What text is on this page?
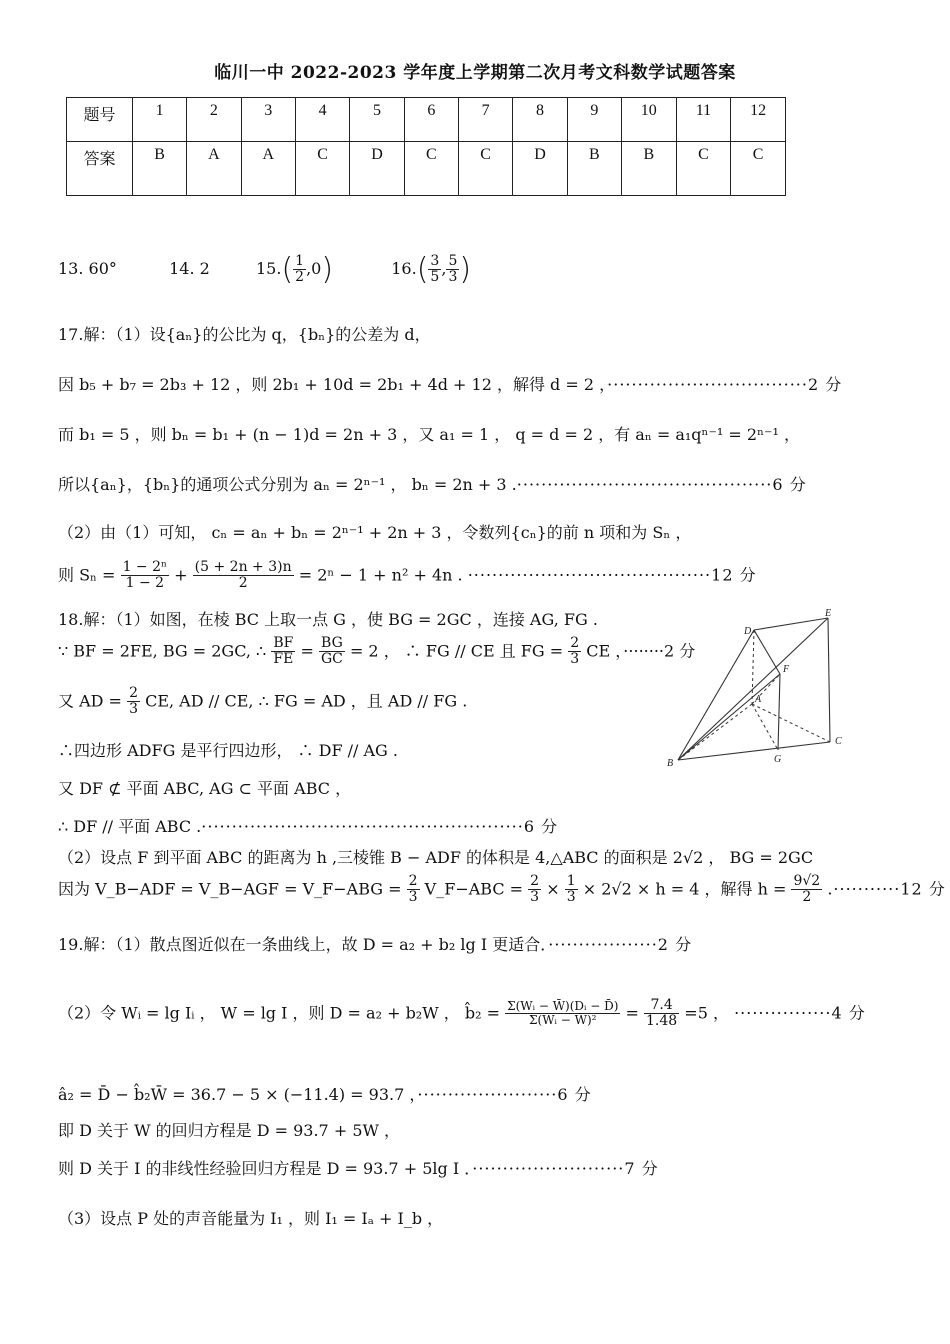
临川一中 2022-2023 学年度上学期第二次月考文科数学试题答案
题号	1	2	3	4	5	6	7	8	9	10	11	12
答案	B	A	A	C	D	C	C	D	B	B	C	C
13. 60°	14. 2	$15.( \frac{1}{2} ,0)$	$16.( \frac{3}{5}$ , $\frac{5}{3}$ )
17.解：（1）设{aₙ}的公比为 q，{bₙ}的公差为 d，
因 b₅ + b₇ = 2b₃ + 12 ，则 2b₁ + 10d = 2b₁ + 4d + 12 ，解得 d = 2 ，·································2 分
而 b₁ = 5 ，则 bₙ = b₁ + (n − 1)d = 2n + 3 ，又 a₁ = 1 ， q = d = 2 ，有 aₙ = a₁qⁿ⁻¹ = 2ⁿ⁻¹ ，
所以{aₙ}，{bₙ}的通项公式分别为 aₙ = 2ⁿ⁻¹ ， bₙ = 2n + 3 .··········································6 分
（2）由（1）可知， cₙ = aₙ + bₙ = 2ⁿ⁻¹ + 2n + 3 ，令数列{cₙ}的前 n 项和为 Sₙ ，
则 $S_n = \frac{\text{1 − 2ⁿ}}{1 - 2} + \frac{(5 + 2n + 3)n}{2} = 2^n - 1 + n^2 + 4n$ . ········································12 分
18.解：（1）如图，在棱 BC 上取一点 G ，使 BG = 2GC ，连接 AG, FG .
∵ BF = 2FE, BG = 2GC, ∴ $\frac{BF}{FE} = \frac{BG}{GC} = 2$ ， ∴ FG // CE 且 FG = $\frac{2}{3}$ CE ，········2 分
又 AD = $\frac{2}{3}$ CE, AD // CE, ∴ FG = AD ，且 AD // FG .
∴四边形 ADFG 是平行四边形， ∴ DF // AG .
又 DF ⊄ 平面 ABC, AG ⊂ 平面 ABC ，
∴ DF // 平面 ABC .·····················································6 分
（2）设点 F 到平面 ABC 的距离为 h ,三棱锥 B − ADF 的体积是 4,△ABC 的面积是 2√2 ， BG = 2GC
因为 V_B−ADF = V_B−AGF = V_F−ABG = $\frac{2}{3}$ V_F−ABC = $\frac{2}{3} \times \frac{1}{3} \times 2√2 \times h = 4$ ，解得 $h = \frac{9√2}{2} .\cdot\cdot\cdot\cdot\cdot\cdot\cdot\cdot\cdot\cdot\cdot 12$ 分
19.解：（1）散点图近似在一条曲线上，故 D = a₂ + b₂ lg I 更适合．··················2 分
（2）令 Wᵢ = lg Iᵢ ， W = lg I ，则 D = a₂ + b₂W ， b̂₂ = $\frac{\text{Σ(Wᵢ − W̄)(Dᵢ − D̄)}}{\text{Σ(Wᵢ − W̄)²}} = \frac{7.4}{1.48} =5$ ， ················4 分
â₂ = D̄ − b̂₂W̄ = 36.7 − 5 × (−11.4) = 93.7 ，·······················6 分
即 D 关于 W 的回归方程是 D = 93.7 + 5W ，
则 D 关于 I 的非线性经验回归方程是 D = 93.7 + 5lg I ．·························7 分
（3）设点 P 处的声音能量为 I₁ ，则 I₁ = Iₐ + I_b ，
D
E
F
A
C
B	G
